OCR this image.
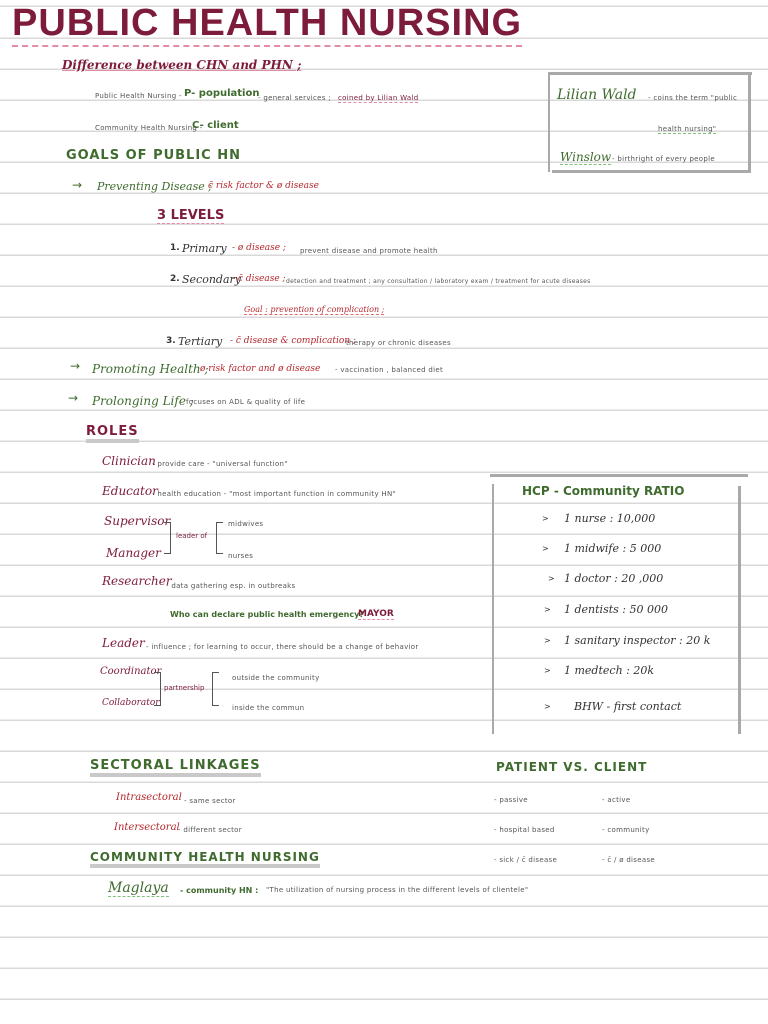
PUBLIC HEALTH NURSING
Difference between CHN and PHN ;
Public Health Nursing - P- population
- general services ; coined by Lilian Wald
Community Health Nursing -
C- client
Lilian Wald - coins the term "public
health nursing"
Winslow - birthright of every people
GOALS OF PUBLIC HN
→ Preventing Disease ;
c̄ risk factor & ø disease
3 LEVELS
1. Primary - ø disease ; prevent disease and promote health
2. Secondary
- c̄ disease ; detection and treatment ; any consultation / laboratory exam / treatment for acute diseases
Goal : prevention of complication ;
3. Tertiary - c̄ disease & complication ;
therapy or chronic diseases
→ Promoting Health ;
ø risk factor and ø disease - vaccination , balanced diet
→ Prolonging Life ;
focuses on ADL & quality of life
ROLES
Clinician
- provide care - "universal function"
Educator
- health education - "most important function in community HN"
Supervisor
Manager
leader of
midwives
nurses
Researcher
- data gathering esp. in outbreaks
Who can declare public health emergency?
MAYOR
Leader - influence ; for learning to occur, there should be a change of behavior
Coordinator
Collaborator
partnership
outside the community
inside the commun
HCP - Community RATIO
> 1 nurse : 10,000
> 1 midwife : 5 000
> 1 doctor : 20 ,000
> 1 dentists : 50 000
> 1 sanitary inspector : 20 k
> 1 medtech : 20k
> BHW - first contact
SECTORAL LINKAGES
Intrasectoral - same sector
Intersectoral
- different sector
PATIENT VS. CLIENT
- passive	- active
- hospital based	- community
- sick / c̄ disease	- c̄ / ø disease
COMMUNITY HEALTH NURSING
Maglaya - community HN : "The utilization of nursing process in the different levels of clientele"
